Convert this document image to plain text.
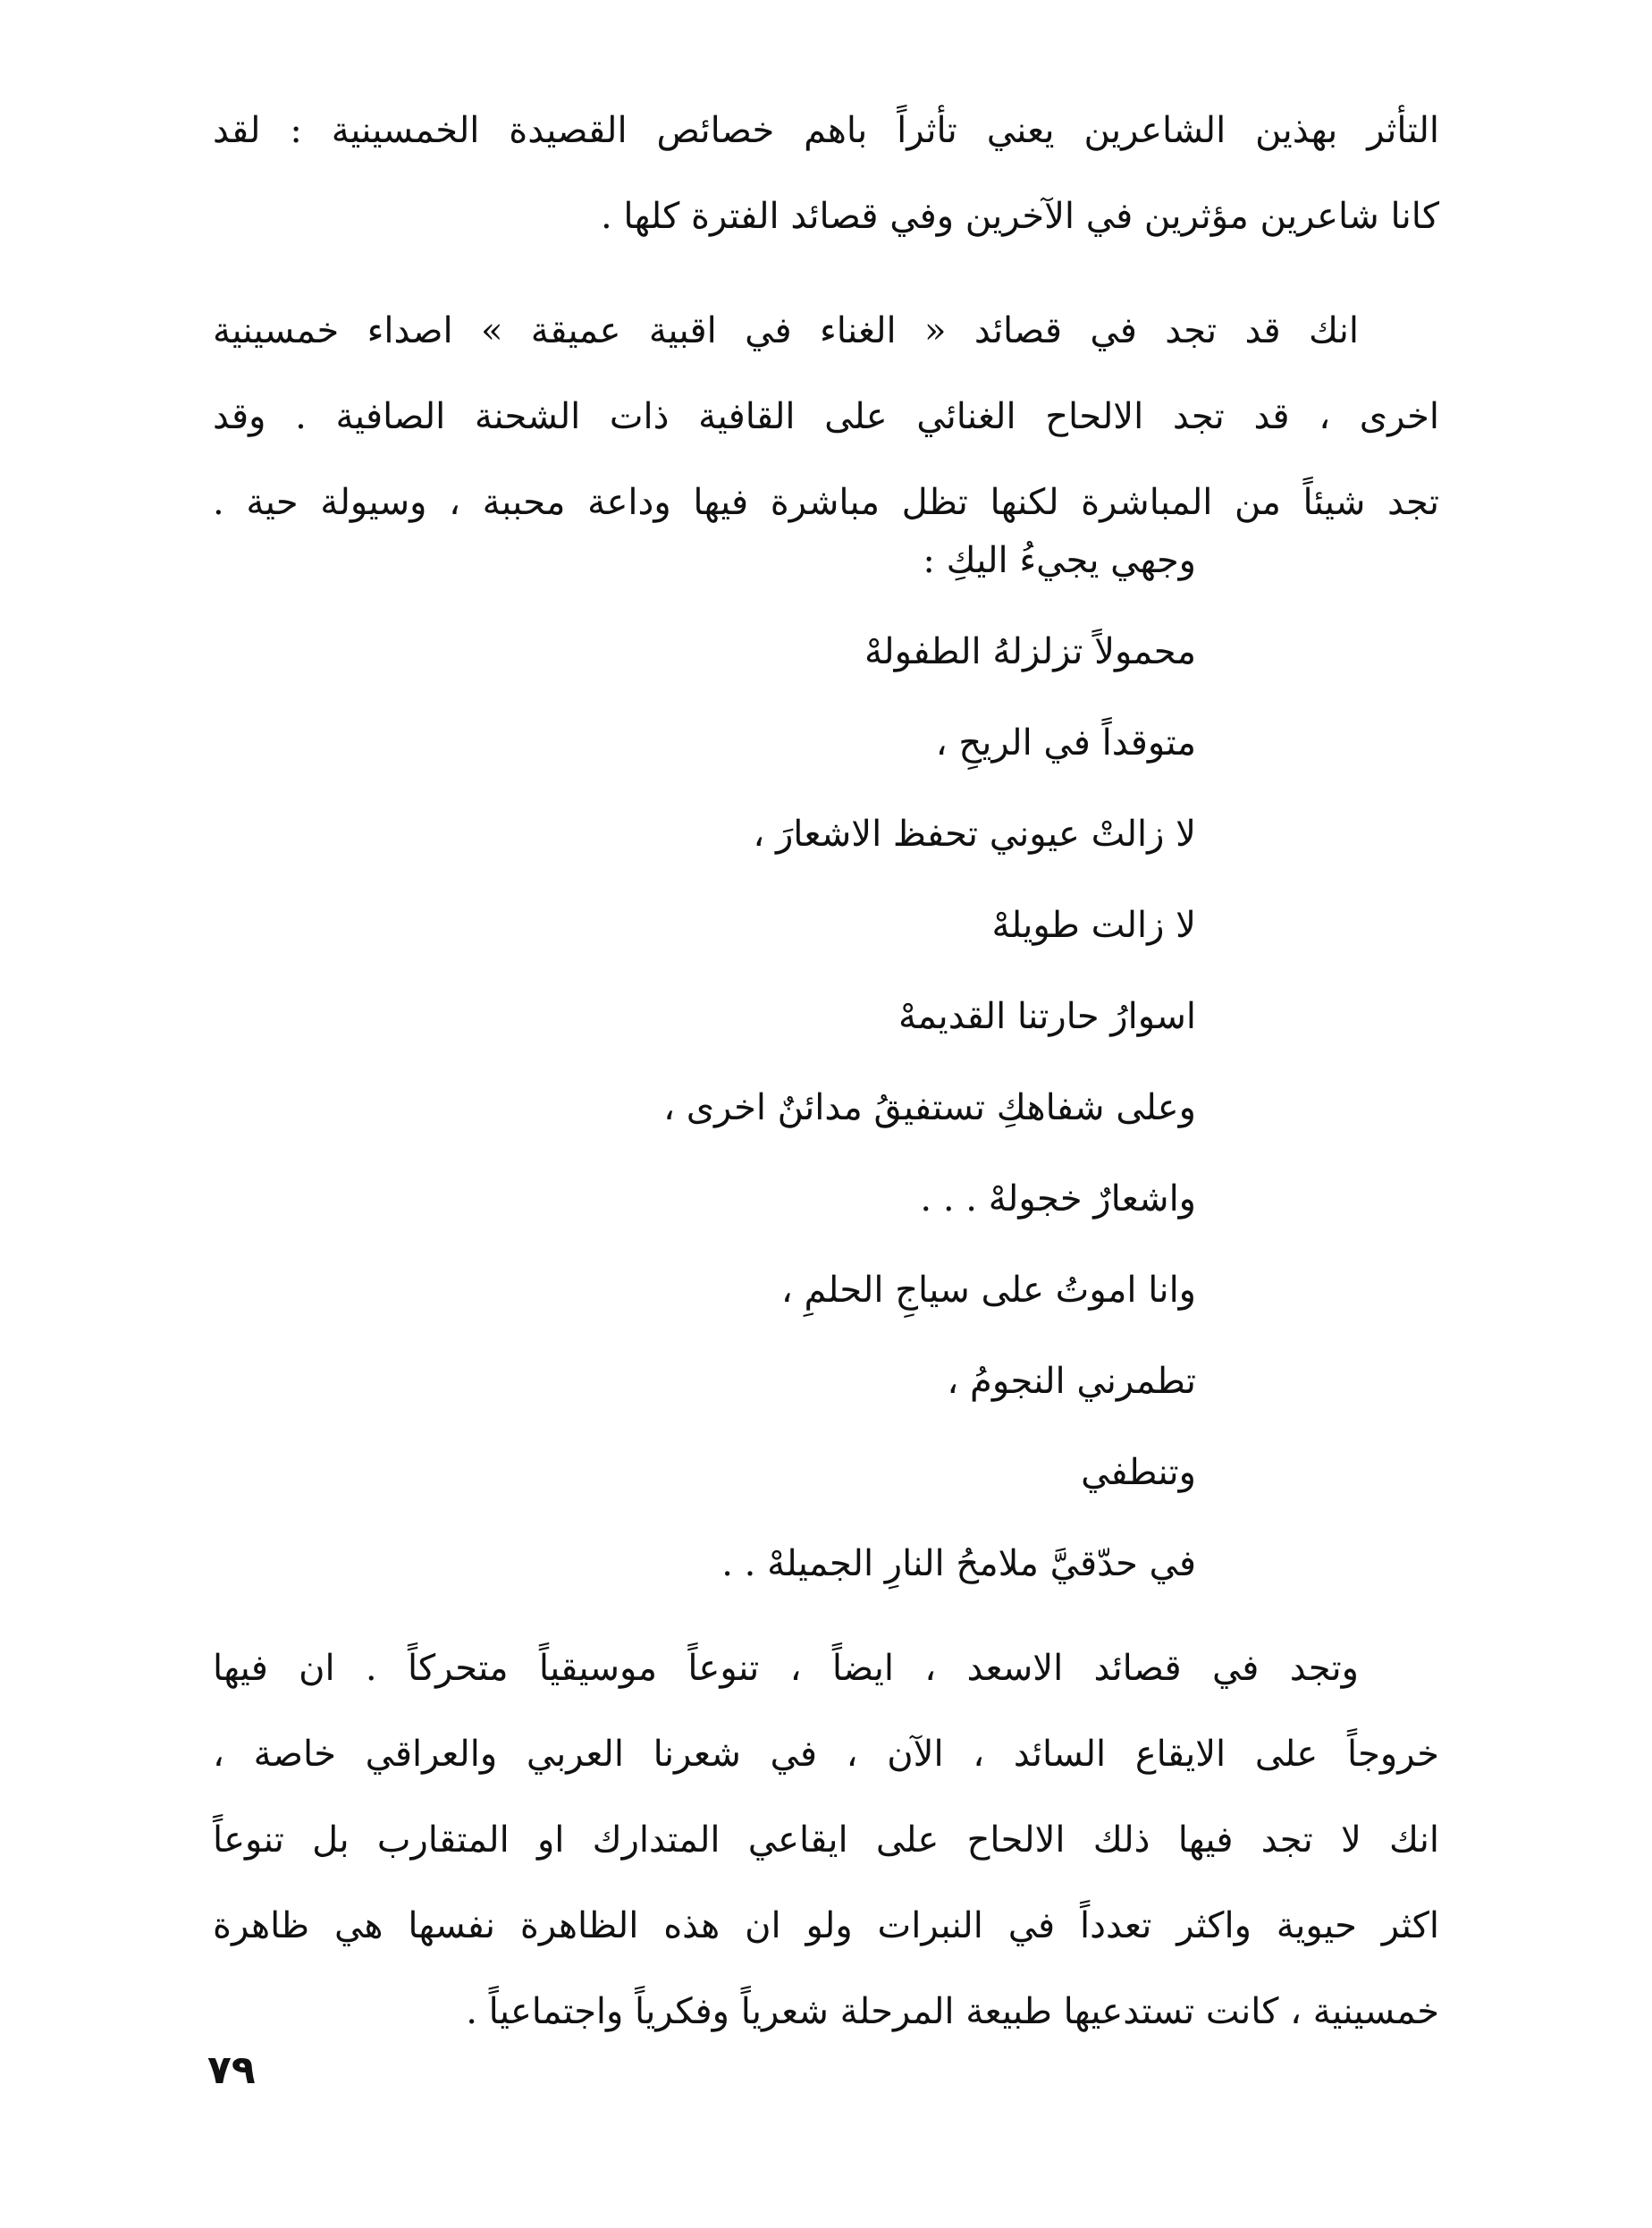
التأثر بهذين الشاعرين يعني تأثراً باهم خصائص القصيدة الخمسينية : لقد
كانا شاعرين مؤثرين في الآخرين وفي قصائد الفترة كلها .
انك قد تجد في قصائد « الغناء في اقبية عميقة » اصداء خمسينية
اخرى ، قد تجد الالحاح الغنائي على القافية ذات الشحنة الصافية . وقد
تجد شيئاً من المباشرة لكنها تظل مباشرة فيها وداعة محببة ، وسيولة حية .
وجهي يجيءُ اليكِ :
محمولاً تزلزلهُ الطفولهْ
متوقداً في الريحِ ،
لا زالتْ عيوني تحفظ الاشعارَ ،
لا زالت طويلهْ
اسوارُ حارتنا القديمهْ
وعلى شفاهكِ تستفيقُ مدائنٌ اخرى ،
واشعارٌ خجولهْ . . .
وانا اموتُ على سياجِ الحلمِ ،
تطمرني النجومُ ،
وتنطفي
في حدّقيَّ ملامحُ النارِ الجميلهْ . .
وتجد في قصائد الاسعد ، ايضاً ، تنوعاً موسيقياً متحركاً . ان فيها
خروجاً على الايقاع السائد ، الآن ، في شعرنا العربي والعراقي خاصة ،
انك لا تجد فيها ذلك الالحاح على ايقاعي المتدارك او المتقارب بل تنوعاً
اكثر حيوية واكثر تعدداً في النبرات ولو ان هذه الظاهرة نفسها هي ظاهرة
خمسينية ، كانت تستدعيها طبيعة المرحلة شعرياً وفكرياً واجتماعياً .
٧٩
